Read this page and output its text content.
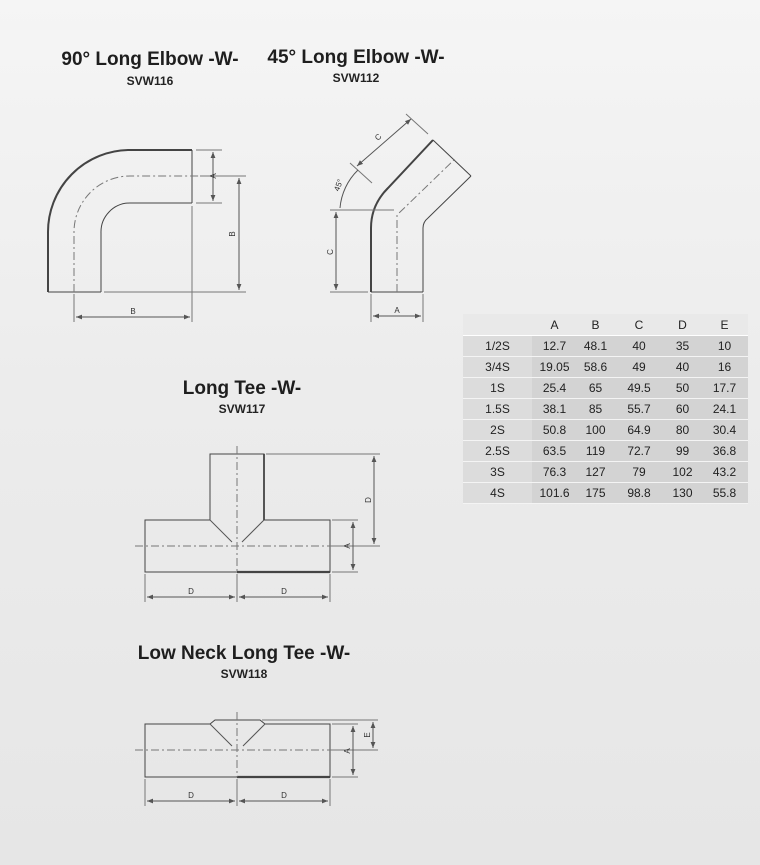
90° Long Elbow -W-
SVW116
45° Long Elbow -W-
SVW112
Long Tee -W-
SVW117
Low Neck Long Tee -W-
SVW118
A
B
B
C
C
45°
A
D
A
D	D
E
A
D	D
	A	B	C	D	E
1/2S	12.7	48.1	40	35	10
3/4S	19.05	58.6	49	40	16
1S	25.4	65	49.5	50	17.7
1.5S	38.1	85	55.7	60	24.1
2S	50.8	100	64.9	80	30.4
2.5S	63.5	119	72.7	99	36.8
3S	76.3	127	79	102	43.2
4S	101.6	175	98.8	130	55.8
